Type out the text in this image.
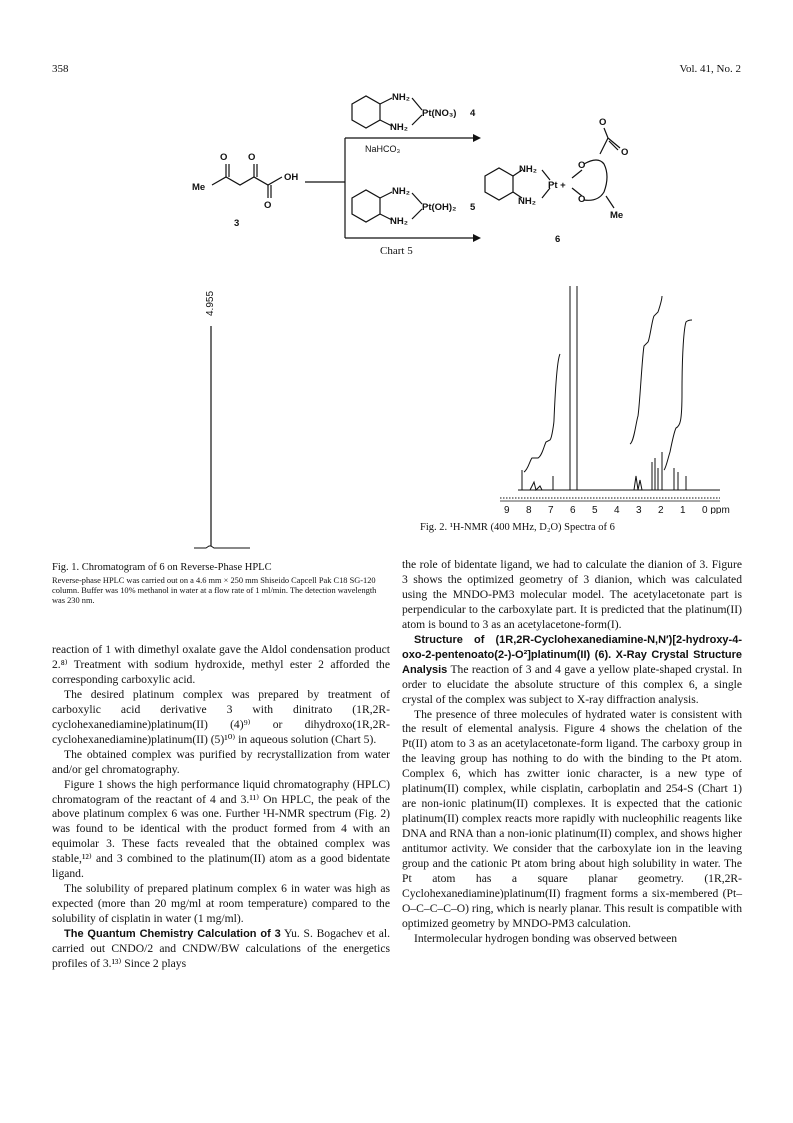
358	Vol. 41, No. 2
O O
O
OH
Me
3
NaHCO₃
NH₂
NH₂
Pt(NO₃) 4
NH₂
NH₂
Pt(OH)₂ 5
NH₂
NH₂
Pt +
O
O
O
O
Me
6
Chart 5
4.955
Fig. 1. Chromatogram of 6 on Reverse-Phase HPLC
Reverse-phase HPLC was carried out on a 4.6 mm × 250 mm Shiseido Capcell Pak C18 SG-120 column. Buffer was 10% methanol in water at a flow rate of 1 ml/min. The detection wavelength was 230 nm.
9 8 7 6 5 4 3 2 1 0 ppm
Fig. 2. ¹H-NMR (400 MHz, D₂O) Spectra of 6

reaction of 1 with dimethyl oxalate gave the Aldol condensation product 2.⁸⁾ Treatment with sodium hydroxide, methyl ester 2 afforded the corresponding carboxylic acid.

The desired platinum complex was prepared by treatment of carboxylic acid derivative 3 with dinitrato (1R,2R-cyclohexanediamine)platinum(II) (4)⁹⁾ or dihydroxo(1R,2R-cyclohexanediamine)platinum(II) (5)¹⁰⁾ in aqueous solution (Chart 5).

The obtained complex was purified by recrystallization from water and/or gel chromatography.

Figure 1 shows the high performance liquid chromatography (HPLC) chromatogram of the reactant of 4 and 3.¹¹⁾ On HPLC, the peak of the above platinum complex 6 was one. Further ¹H-NMR spectrum (Fig. 2) was found to be identical with the product formed from 4 with an equimolar 3. These facts revealed that the obtained complex was stable,¹²⁾ and 3 combined to the platinum(II) atom as a good bidentate ligand.

The solubility of prepared platinum complex 6 in water was high as expected (more than 20 mg/ml at room temperature) compared to the solubility of cisplatin in water (1 mg/ml).

The Quantum Chemistry Calculation of 3 Yu. S. Bogachev et al. carried out CNDO/2 and CNDW/BW calculations of the energetics profiles of 3.¹³⁾ Since 2 plays

the role of bidentate ligand, we had to calculate the dianion of 3. Figure 3 shows the optimized geometry of 3 dianion, which was calculated using the MNDO-PM3 molecular model. The acetylacetonate part is perpendicular to the carboxylate part. It is predicted that the platinum(II) atom is bound to 3 as an acetylacetone-form(I).

Structure of (1R,2R-Cyclohexanediamine-N,N′)[2-hydroxy-4-oxo-2-pentenoato(2-)-O²]platinum(II) (6). X-Ray Crystal Structure Analysis The reaction of 3 and 4 gave a yellow plate-shaped crystal. In order to elucidate the absolute structure of this complex 6, a single crystal of the complex was subject to X-ray diffraction analysis.

The presence of three molecules of hydrated water is consistent with the result of elemental analysis. Figure 4 shows the chelation of the Pt(II) atom to 3 as an acetylacetonate-form ligand. The carboxy group in the leaving group has nothing to do with the binding to the Pt atom. Complex 6, which has zwitter ionic character, is a new type of platinum(II) complex, while cisplatin, carboplatin and 254-S (Chart 1) are non-ionic platinum(II) complexes. It is expected that the cationic platinum(II) complex reacts more rapidly with nucleophilic reagents like DNA and RNA than a non-ionic platinum(II) complex, and shows higher antitumor activity. We consider that the carboxylate ion in the leaving group and the cationic Pt atom bring about high solubility in water. The Pt atom has a square planar geometry. (1R,2R-Cyclohexanediamine)platinum(II) fragment forms a six-membered (Pt–O–C–C–C–O) ring, which is nearly planar. This result is compatible with optimized geometry by MNDO-PM3 calculation.

Intermolecular hydrogen bonding was observed between
